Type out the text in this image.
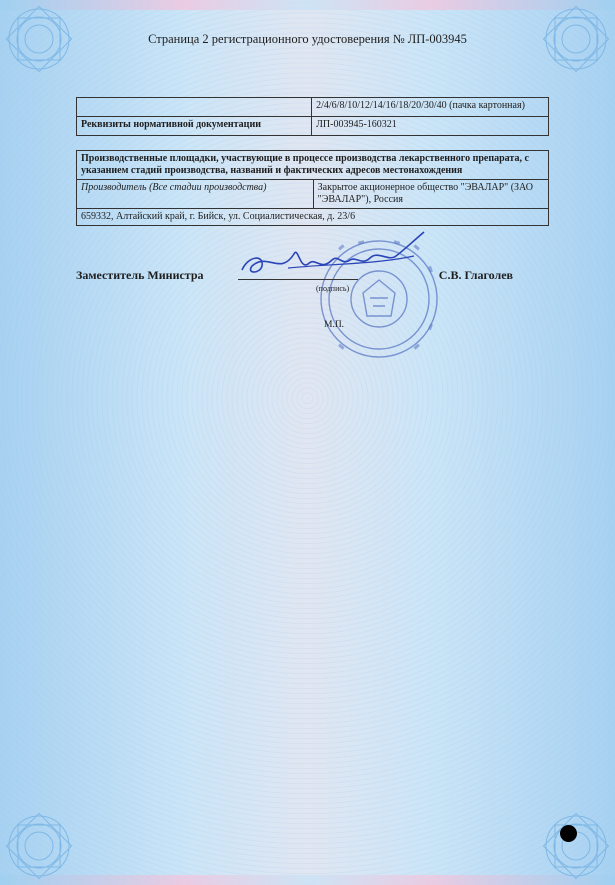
Страница 2 регистрационного удостоверения № ЛП-003945
	2/4/6/8/10/12/14/16/18/20/30/40 (пачка картонная)
Реквизиты нормативной документации	ЛП-003945-160321
Производственные площадки, участвующие в процессе производства лекарственного препарата, с указанием стадий производства, названий и фактических адресов местонахождения
Производитель (Все стадии производства)	Закрытое акционерное общество "ЭВАЛАР" (ЗАО "ЭВАЛАР"), Россия
659332, Алтайский край, г. Бийск, ул. Социалистическая, д. 23/6
Заместитель Министра	С.В. Глаголев
(подпись)
М.П.
